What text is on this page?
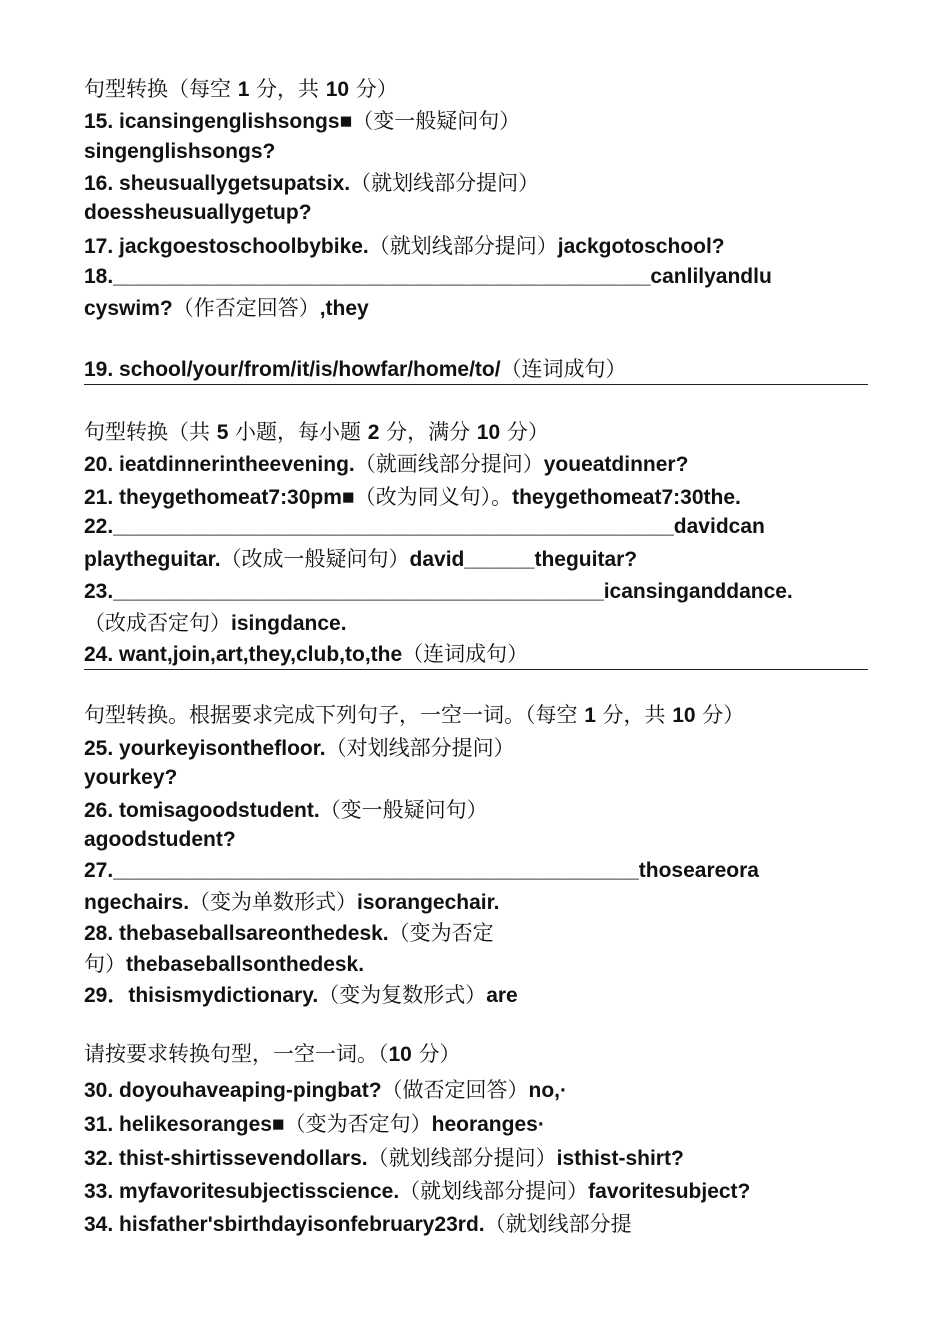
句型转换（每空 1 分，共 10 分）
15. icansingenglishsongs■（变一般疑问句）
singenglishsongs?
16. sheusuallygetsupatsix.（就划线部分提问）
doessheusuallygetup?
17. jackgoestoschoolbybike.（就划线部分提问）jackgotoschool?
18.______________________________________________canlilyandlu
cyswim?（作否定回答）,they
19. school/your/from/it/is/howfar/home/to/（连词成句）
句型转换（共 5 小题，每小题 2 分，满分 10 分）
20. ieatdinnerintheevening.（就画线部分提问）youeatdinner?
21. theygethomeat7:30pm■（改为同义句）。theygethomeat7:30the.
22.________________________________________________davidcan
playtheguitar.（改成一般疑问句）david______theguitar?
23.__________________________________________icansinganddance.
（改成否定句）isingdance.
24. want,join,art,they,club,to,the（连词成句）
句型转换。根据要求完成下列句子，一空一词。（每空 1 分，共 10 分）
25. yourkeyisonthefloor.（对划线部分提问）
yourkey?
26. tomisagoodstudent.（变一般疑问句）
agoodstudent?
27._____________________________________________thoseareora
ngechairs.（变为单数形式）isorangechair.
28. thebaseballsareonthedesk.（变为否定
句）thebaseballsonthedesk.
29．thisismydictionary.（变为复数形式）are
请按要求转换句型，一空一词。（10 分）
30. doyouhaveaping-pingbat?（做否定回答）no,·
31. helikesoranges■（变为否定句）heoranges·
32. thist-shirtissevendollars.（就划线部分提问）isthist-shirt?
33. myfavoritesubjectisscience.（就划线部分提问）favoritesubject?
34. hisfather'sbirthdayisonfebruary23rd.（就划线部分提
